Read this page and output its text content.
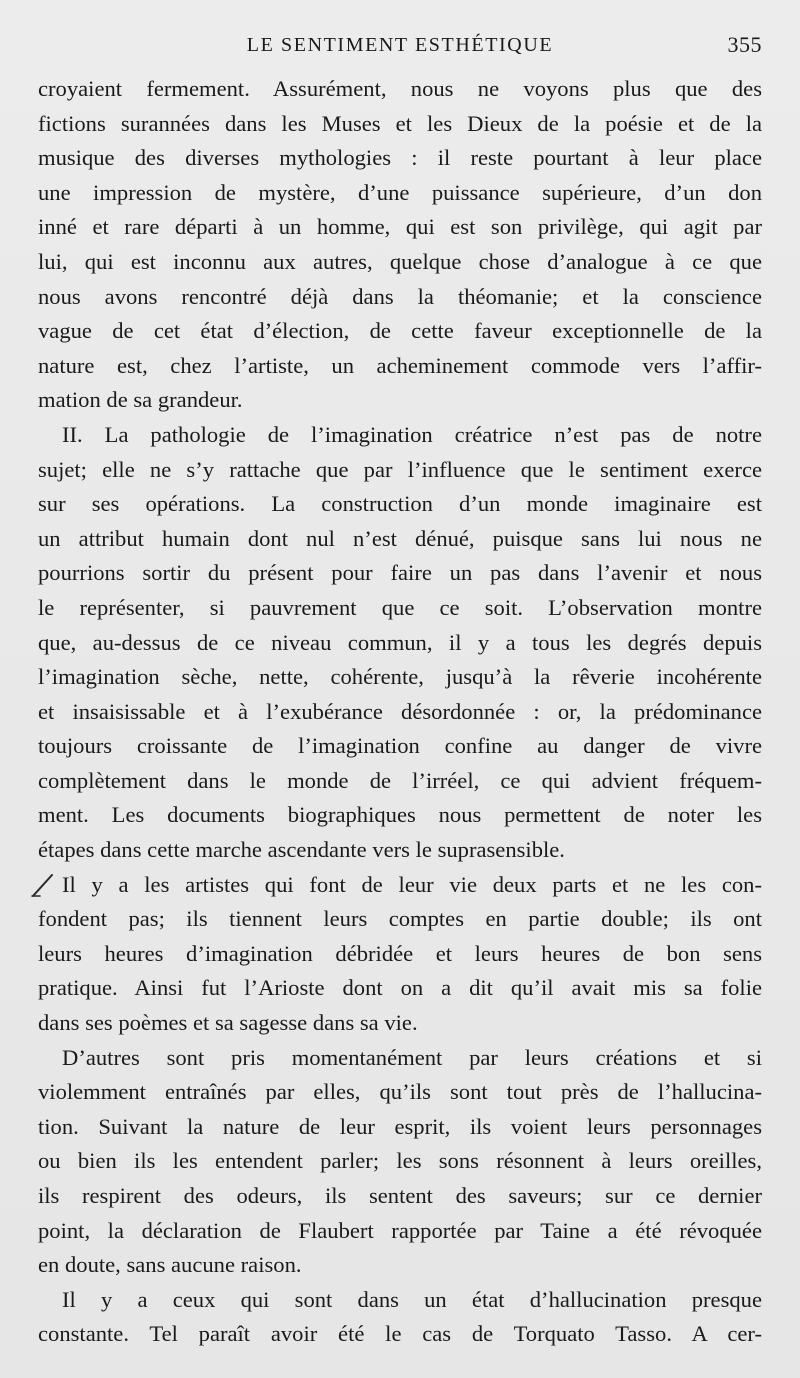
LE SENTIMENT ESTHÉTIQUE	355
croyaient fermement. Assurément, nous ne voyons plus que des
fictions surannées dans les Muses et les Dieux de la poésie et de la
musique des diverses mythologies : il reste pourtant à leur place
une impression de mystère, d’une puissance supérieure, d’un don
inné et rare départi à un homme, qui est son privilège, qui agit par
lui, qui est inconnu aux autres, quelque chose d’analogue à ce que
nous avons rencontré déjà dans la théomanie; et la conscience
vague de cet état d’élection, de cette faveur exceptionnelle de la
nature est, chez l’artiste, un acheminement commode vers l’affir-
mation de sa grandeur.
II. La pathologie de l’imagination créatrice n’est pas de notre
sujet; elle ne s’y rattache que par l’influence que le sentiment exerce
sur ses opérations. La construction d’un monde imaginaire est
un attribut humain dont nul n’est dénué, puisque sans lui nous ne
pourrions sortir du présent pour faire un pas dans l’avenir et nous
le représenter, si pauvrement que ce soit. L’observation montre
que, au-dessus de ce niveau commun, il y a tous les degrés depuis
l’imagination sèche, nette, cohérente, jusqu’à la rêverie incohérente
et insaisissable et à l’exubérance désordonnée : or, la prédominance
toujours croissante de l’imagination confine au danger de vivre
complètement dans le monde de l’irréel, ce qui advient fréquem-
ment. Les documents biographiques nous permettent de noter les
étapes dans cette marche ascendante vers le suprasensible.
Il y a les artistes qui font de leur vie deux parts et ne les con-
fondent pas; ils tiennent leurs comptes en partie double; ils ont
leurs heures d’imagination débridée et leurs heures de bon sens
pratique. Ainsi fut l’Arioste dont on a dit qu’il avait mis sa folie
dans ses poèmes et sa sagesse dans sa vie.
D’autres sont pris momentanément par leurs créations et si
violemment entraînés par elles, qu’ils sont tout près de l’hallucina-
tion. Suivant la nature de leur esprit, ils voient leurs personnages
ou bien ils les entendent parler; les sons résonnent à leurs oreilles,
ils respirent des odeurs, ils sentent des saveurs; sur ce dernier
point, la déclaration de Flaubert rapportée par Taine a été révoquée
en doute, sans aucune raison.
Il y a ceux qui sont dans un état d’hallucination presque
constante. Tel paraît avoir été le cas de Torquato Tasso. A cer-
